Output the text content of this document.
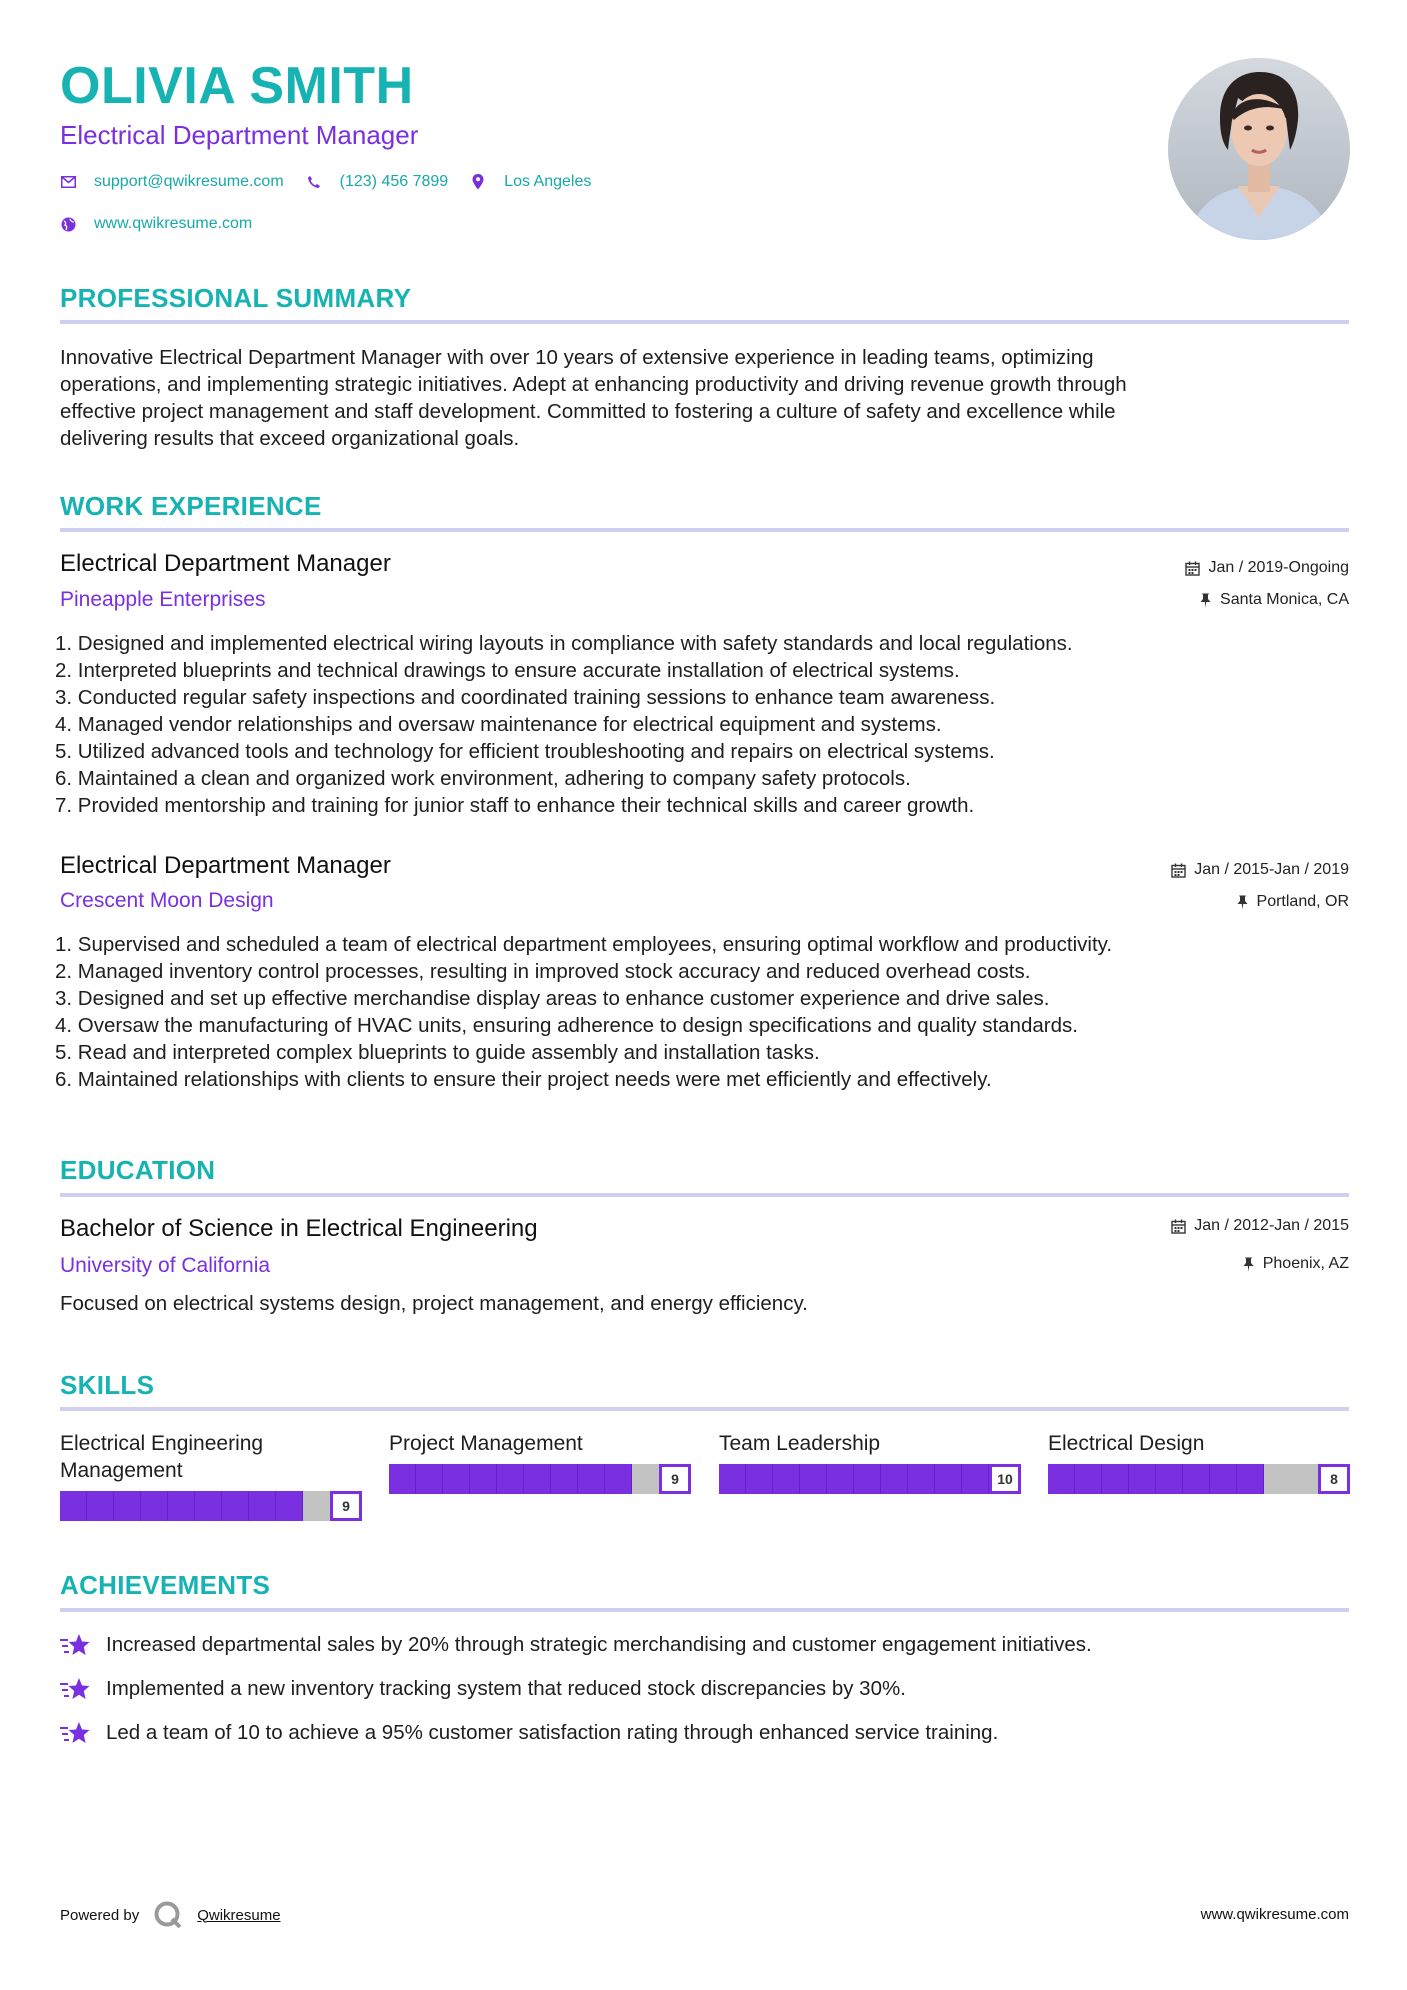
OLIVIA SMITH
Electrical Department Manager
support@qwikresume.com	(123) 456 7899	Los Angeles
www.qwikresume.com
PROFESSIONAL SUMMARY
Innovative Electrical Department Manager with over 10 years of extensive experience in leading teams, optimizing
operations, and implementing strategic initiatives. Adept at enhancing productivity and driving revenue growth through
effective project management and staff development. Committed to fostering a culture of safety and excellence while
delivering results that exceed organizational goals.
WORK EXPERIENCE
Electrical Department Manager	Jan / 2019-Ongoing
Pineapple Enterprises	Santa Monica, CA
1. Designed and implemented electrical wiring layouts in compliance with safety standards and local regulations.
2. Interpreted blueprints and technical drawings to ensure accurate installation of electrical systems.
3. Conducted regular safety inspections and coordinated training sessions to enhance team awareness.
4. Managed vendor relationships and oversaw maintenance for electrical equipment and systems.
5. Utilized advanced tools and technology for efficient troubleshooting and repairs on electrical systems.
6. Maintained a clean and organized work environment, adhering to company safety protocols.
7. Provided mentorship and training for junior staff to enhance their technical skills and career growth.
Electrical Department Manager	Jan / 2015-Jan / 2019
Crescent Moon Design	Portland, OR
1. Supervised and scheduled a team of electrical department employees, ensuring optimal workflow and productivity.
2. Managed inventory control processes, resulting in improved stock accuracy and reduced overhead costs.
3. Designed and set up effective merchandise display areas to enhance customer experience and drive sales.
4. Oversaw the manufacturing of HVAC units, ensuring adherence to design specifications and quality standards.
5. Read and interpreted complex blueprints to guide assembly and installation tasks.
6. Maintained relationships with clients to ensure their project needs were met efficiently and effectively.
EDUCATION
Bachelor of Science in Electrical Engineering	Jan / 2012-Jan / 2015
University of California	Phoenix, AZ
Focused on electrical systems design, project management, and energy efficiency.
SKILLS
Electrical Engineering Management
9
Project Management
9
Team Leadership
10
Electrical Design
8
ACHIEVEMENTS
Increased departmental sales by 20% through strategic merchandising and customer engagement initiatives.
Implemented a new inventory tracking system that reduced stock discrepancies by 30%.
Led a team of 10 to achieve a 95% customer satisfaction rating through enhanced service training.
Powered by	Qwikresume	www.qwikresume.com
